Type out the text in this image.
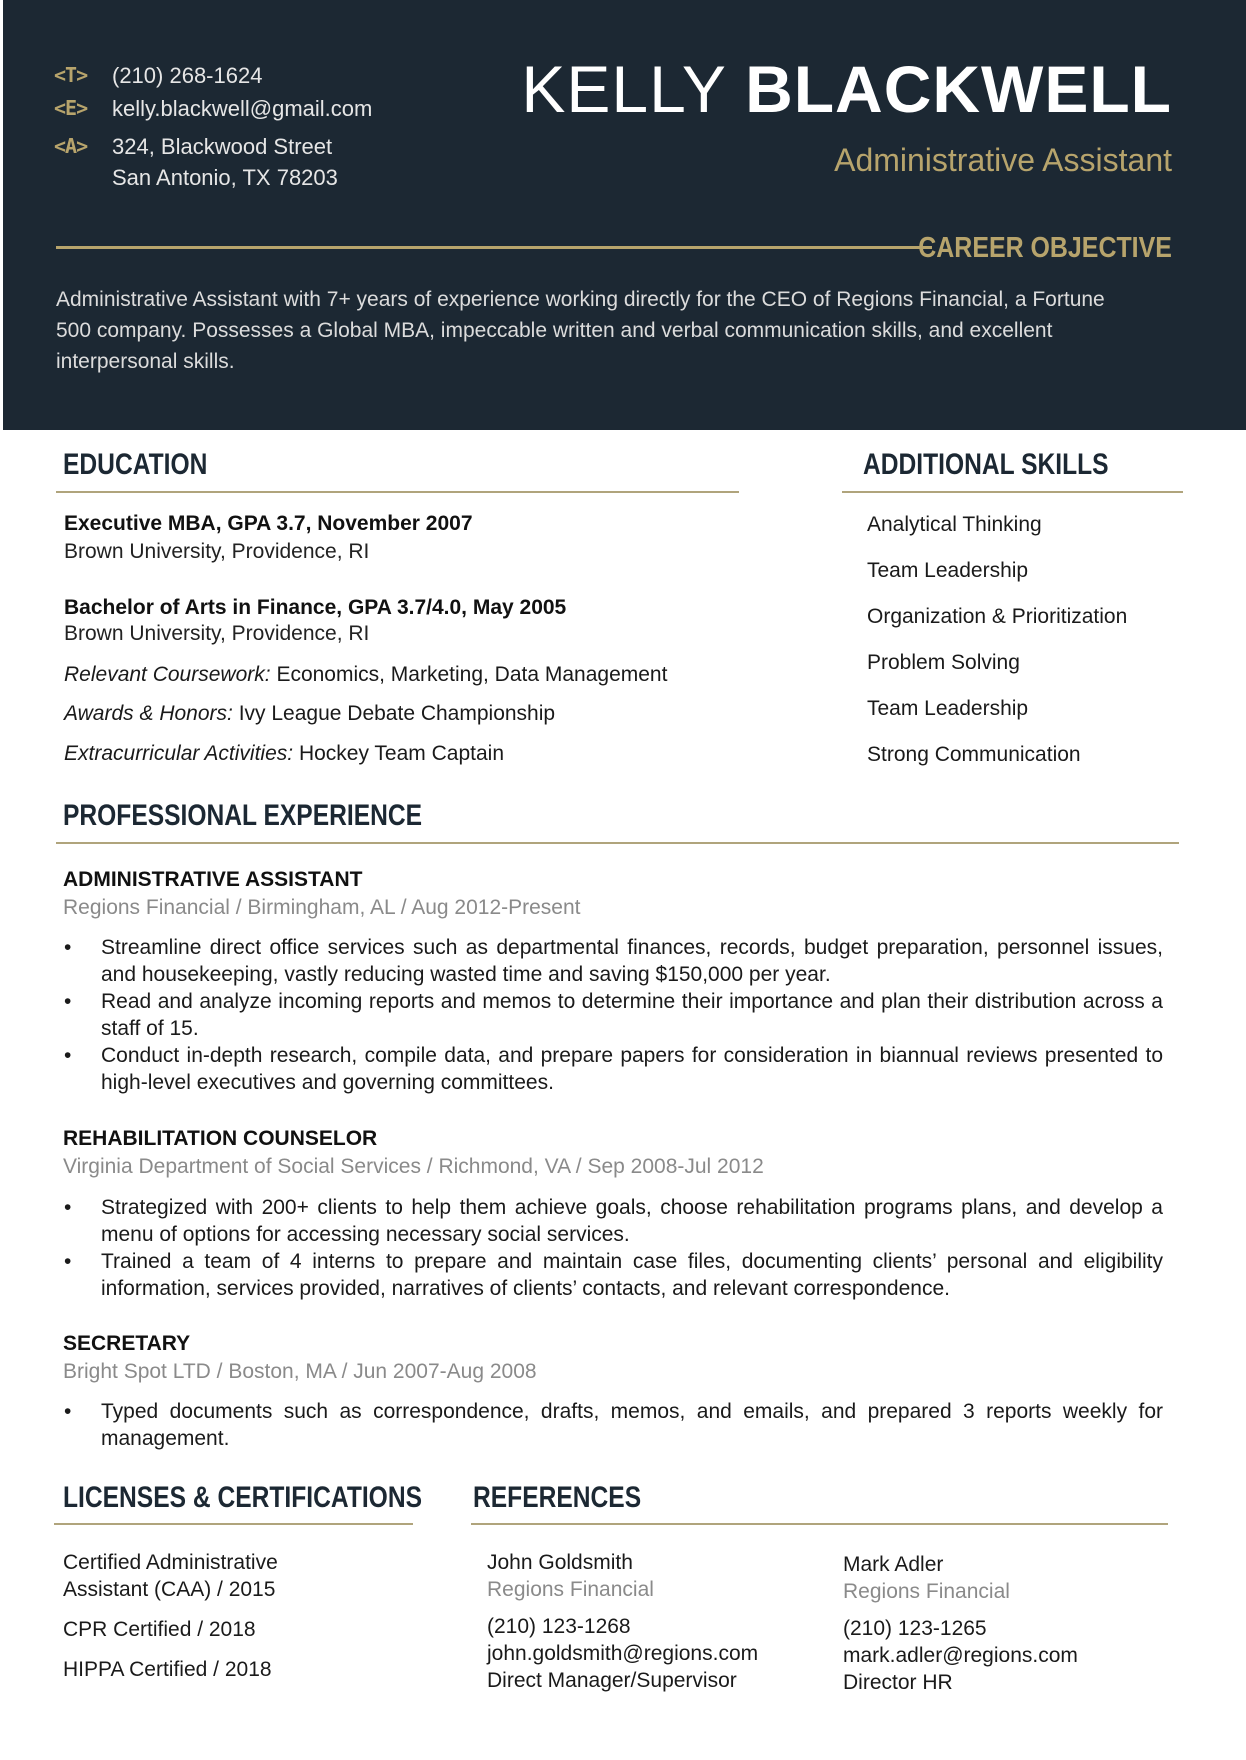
<T>	(210) 268-1624
<E>	kelly.blackwell@gmail.com
<A>	324, Blackwood Street
San Antonio, TX 78203
KELLY BLACKWELL
Administrative Assistant
CAREER OBJECTIVE
Administrative Assistant with 7+ years of experience working directly for the CEO of Regions Financial, a Fortune 500 company. Possesses a Global MBA, impeccable written and verbal communication skills, and excellent interpersonal skills.
EDUCATION
Executive MBA, GPA 3.7, November 2007
Brown University, Providence, RI
Bachelor of Arts in Finance, GPA 3.7/4.0, May 2005
Brown University, Providence, RI
Relevant Coursework: Economics, Marketing, Data Management
Awards & Honors: Ivy League Debate Championship
Extracurricular Activities: Hockey Team Captain
ADDITIONAL SKILLS
Analytical Thinking
Team Leadership
Organization & Prioritization
Problem Solving
Team Leadership
Strong Communication
PROFESSIONAL EXPERIENCE
ADMINISTRATIVE ASSISTANT
Regions Financial / Birmingham, AL / Aug 2012-Present
•	Streamline direct office services such as departmental finances, records, budget preparation, personnel issues, and housekeeping, vastly reducing wasted time and saving $150,000 per year.
•	Read and analyze incoming reports and memos to determine their importance and plan their distribution across a staff of 15.
•	Conduct in-depth research, compile data, and prepare papers for consideration in biannual reviews presented to high-level executives and governing committees.
REHABILITATION COUNSELOR
Virginia Department of Social Services / Richmond, VA / Sep 2008-Jul 2012
•	Strategized with 200+ clients to help them achieve goals, choose rehabilitation programs plans, and develop a menu of options for accessing necessary social services.
•	Trained a team of 4 interns to prepare and maintain case files, documenting clients’ personal and eligibility information, services provided, narratives of clients’ contacts, and relevant correspondence.
SECRETARY
Bright Spot LTD / Boston, MA / Jun 2007-Aug 2008
•	Typed documents such as correspondence, drafts, memos, and emails, and prepared 3 reports weekly for management.
LICENSES & CERTIFICATIONS
Certified Administrative
Assistant (CAA) / 2015
CPR Certified / 2018
HIPPA Certified / 2018
REFERENCES
John Goldsmith
Regions Financial
(210) 123-1268
john.goldsmith@regions.com
Direct Manager/Supervisor
Mark Adler
Regions Financial
(210) 123-1265
mark.adler@regions.com
Director HR
